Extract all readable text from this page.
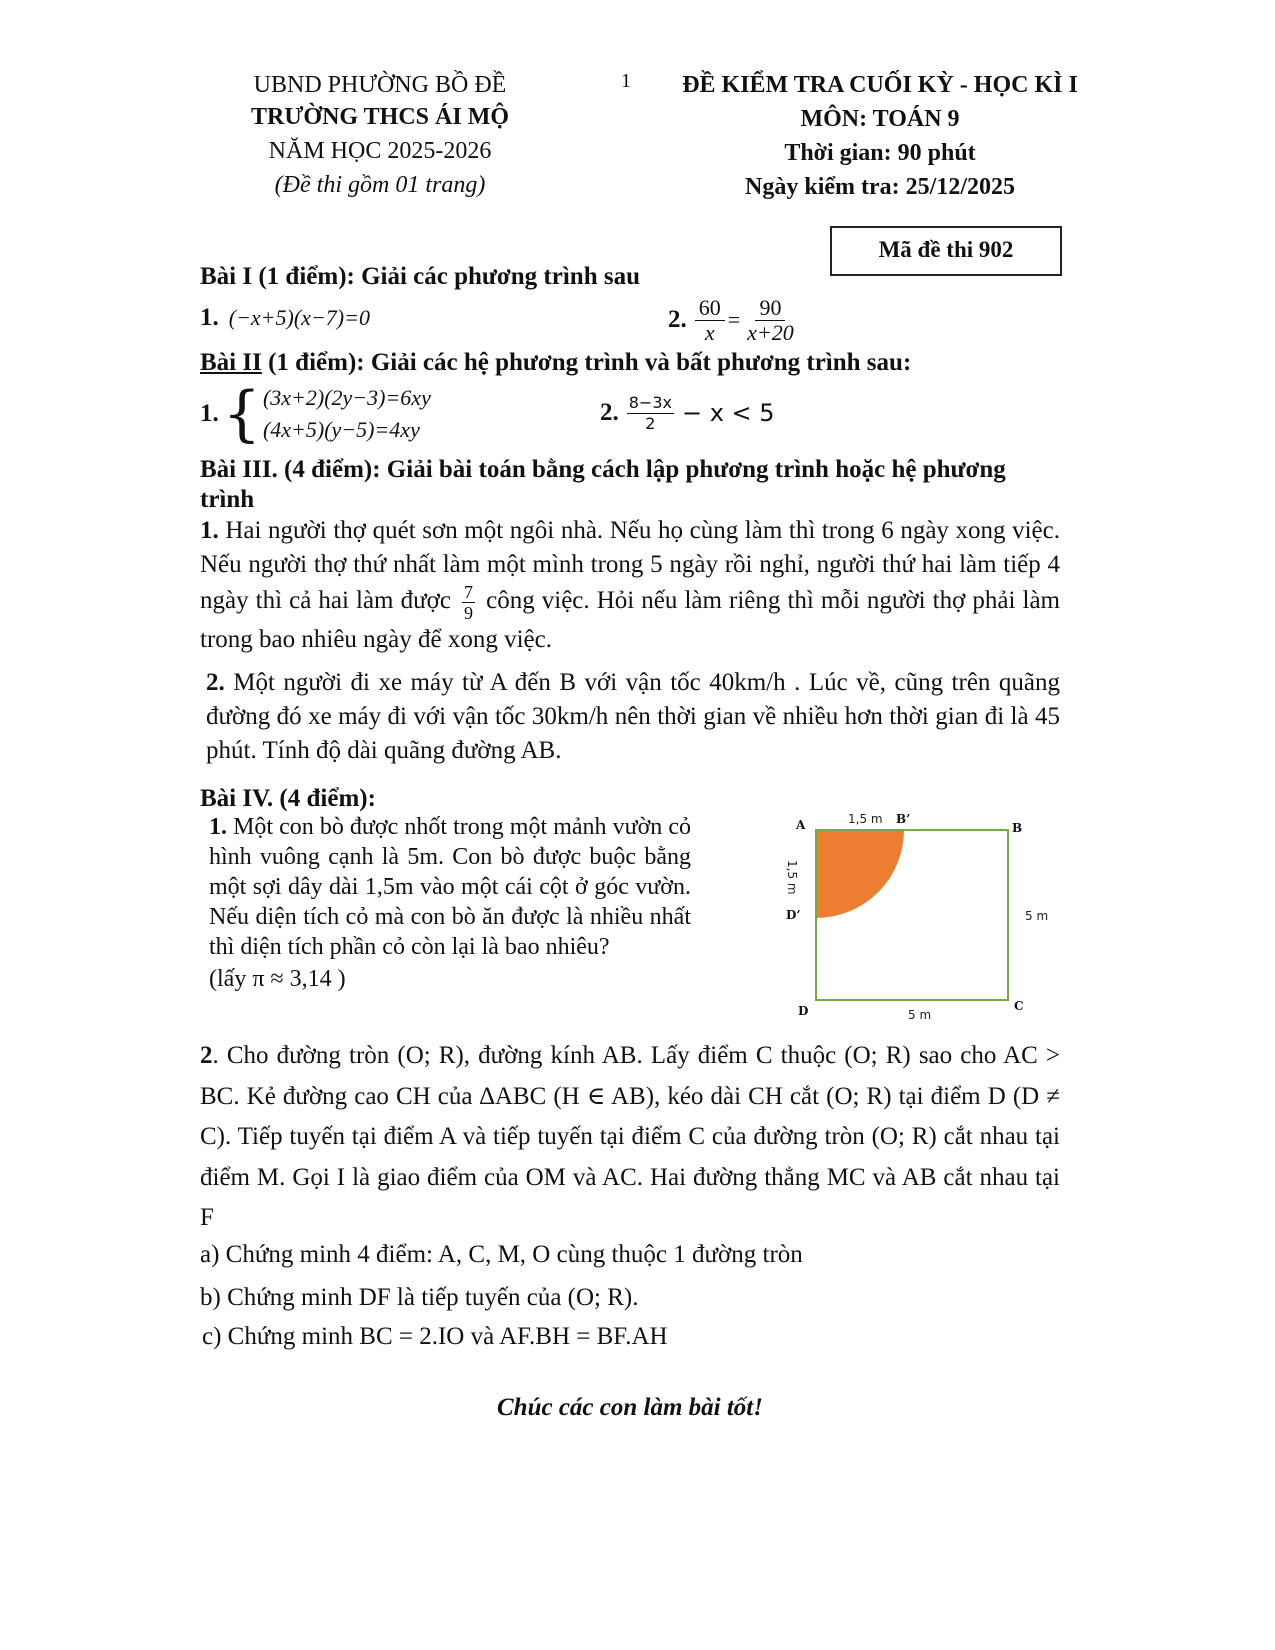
UBND PHƯỜNG BỒ ĐỀ
TRƯỜNG THCS ÁI MỘ
NĂM HỌC 2025-2026
(Đề thi gồm 01 trang)
1	ĐỀ KIỂM TRA CUỐI KỲ - HỌC KÌ I
MÔN: TOÁN 9
Thời gian: 90 phút
Ngày kiểm tra: 25/12/2025
Mã đề thi 902
Bài I (1 điểm): Giải các phương trình sau
1. (−x+5)(x−7)=0	2. $\frac{60}{x} = \frac{90}{x+20}$
Bài II (1 điểm): Giải các hệ phương trình và bất phương trình sau:
1. { (3x+2)(2y−3)=6xy
(4x+5)(y−5)=4xy
2. $\frac{8-3x}{2} - x < 5$
Bài III. (4 điểm): Giải bài toán bằng cách lập phương trình hoặc hệ phương trình
1. Hai người thợ quét sơn một ngôi nhà. Nếu họ cùng làm thì trong 6 ngày xong việc. Nếu người thợ thứ nhất làm một mình trong 5 ngày rồi nghỉ, người thứ hai làm tiếp 4 ngày thì cả hai làm được $\frac{7}{9}$ công việc. Hỏi nếu làm riêng thì mỗi người thợ phải làm trong bao nhiêu ngày để xong việc.
2. Một người đi xe máy từ A đến B với vận tốc 40km/h . Lúc về, cũng trên quãng đường đó xe máy đi với vận tốc 30km/h nên thời gian về nhiều hơn thời gian đi là 45 phút. Tính độ dài quãng đường AB.
Bài IV. (4 điểm):
1. Một con bò được nhốt trong một mảnh vườn cỏ hình vuông cạnh là 5m. Con bò được buộc bằng một sợi dây dài 1,5m vào một cái cột ở góc vườn. Nếu diện tích cỏ mà con bò ăn được là nhiều nhất thì diện tích phần cỏ còn lại là bao nhiêu?
(lấy π ≈ 3,14 )
A	B
C
D
B’
D’
1,5 m
1,5 m
5 m
5 m
2. Cho đường tròn (O; R), đường kính AB. Lấy điểm C thuộc (O; R) sao cho AC > BC. Kẻ đường cao CH của ∆ABC (H ∈ AB), kéo dài CH cắt (O; R) tại điểm D (D ≠ C). Tiếp tuyến tại điểm A và tiếp tuyến tại điểm C của đường tròn (O; R) cắt nhau tại điểm M. Gọi I là giao điểm của OM và AC. Hai đường thẳng MC và AB cắt nhau tại F
a) Chứng minh 4 điểm: A, C, M, O cùng thuộc 1 đường tròn
b) Chứng minh DF là tiếp tuyến của (O; R).
c) Chứng minh BC = 2.IO và AF.BH = BF.AH
Chúc các con làm bài tốt!
